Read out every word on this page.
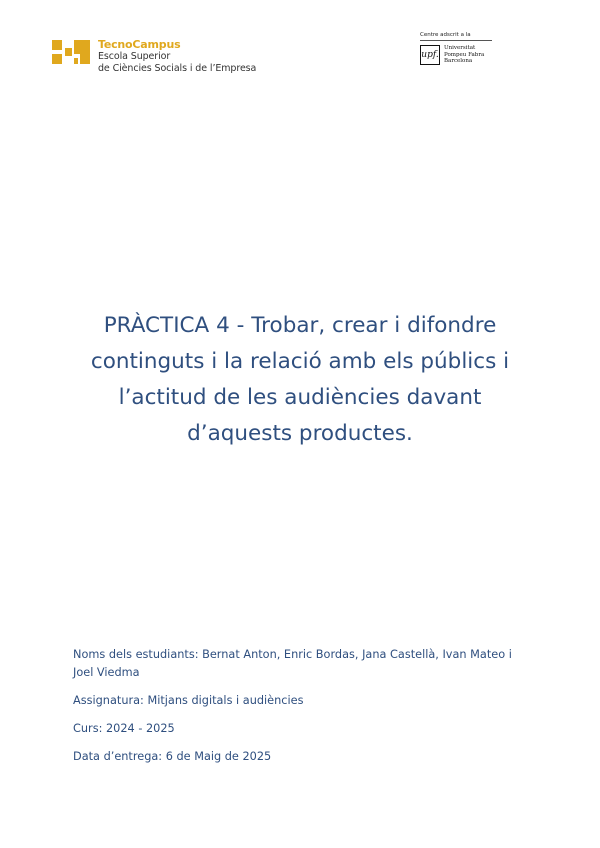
TecnoCampus
Escola Superior
de Ciències Socials i de l’Empresa
Centre adscrit a la
upf.
Universitat
Pompeu Fabra
Barcelona
PRÀCTICA 4 - Trobar, crear i difondre
continguts i la relació amb els públics i
l’actitud de les audiències davant
d’aquests productes.

Noms dels estudiants: Bernat Anton, Enric Bordas, Jana Castellà, Ivan Mateo i

Joel Viedma

Assignatura: Mitjans digitals i audiències

Curs: 2024 - 2025

Data d’entrega: 6 de Maig de 2025
